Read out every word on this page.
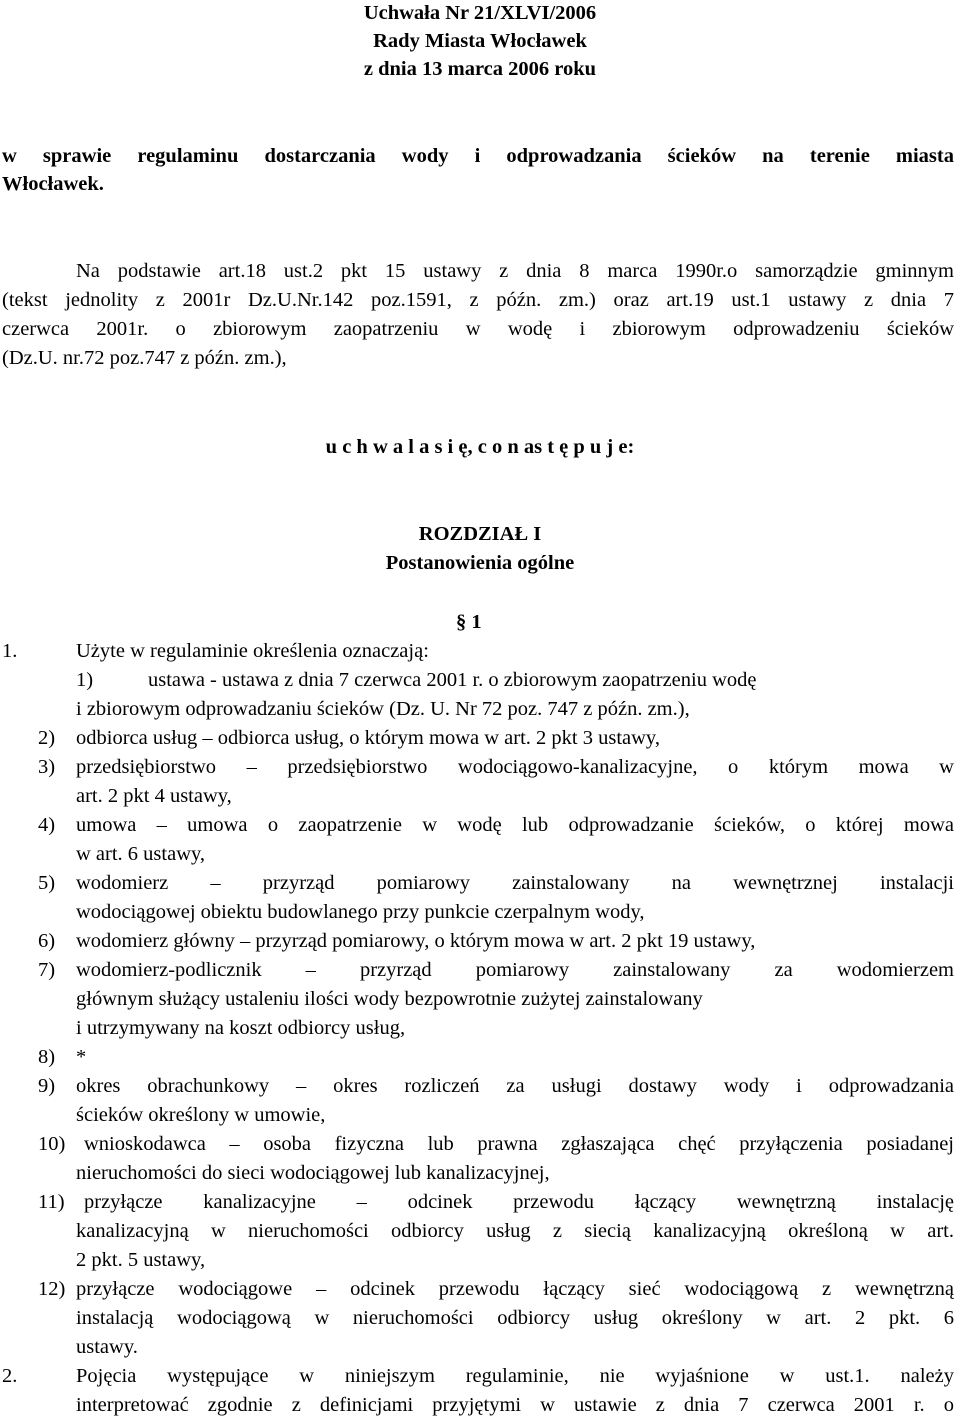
Uchwała Nr 21/XLVI/2006
Rady Miasta Włocławek
z dnia 13 marca 2006 roku
w sprawie regulaminu dostarczania wody i odprowadzania ścieków na terenie miasta
Włocławek.
Na podstawie art.18 ust.2 pkt 15 ustawy z dnia 8 marca 1990r.o samorządzie gminnym
(tekst jednolity z 2001r Dz.U.Nr.142 poz.1591, z późn. zm.) oraz art.19 ust.1 ustawy z dnia 7
czerwca 2001r. o zbiorowym zaopatrzeniu w wodę i zbiorowym odprowadzeniu ścieków
(Dz.U. nr.72 poz.747 z późn. zm.),
u c h w a l a s i ę, c o n as t ę p u j e:
ROZDZIAŁ I
Postanowienia ogólne
§ 1
1.	Użyte w regulaminie określenia oznaczają:
1)	ustawa - ustawa z dnia 7 czerwca 2001 r. o zbiorowym zaopatrzeniu wodę
i zbiorowym odprowadzaniu ścieków (Dz. U. Nr 72 poz. 747 z późn. zm.),
2) odbiorca usług – odbiorca usług, o którym mowa w art. 2 pkt 3 ustawy,
3) przedsiębiorstwo – przedsiębiorstwo wodociągowo-kanalizacyjne, o którym mowa w
art. 2 pkt 4 ustawy,
4) umowa – umowa o zaopatrzenie w wodę lub odprowadzanie ścieków, o której mowa
w art. 6 ustawy,
5) wodomierz – przyrząd pomiarowy zainstalowany na wewnętrznej instalacji
wodociągowej obiektu budowlanego przy punkcie czerpalnym wody,
6) wodomierz główny – przyrząd pomiarowy, o którym mowa w art. 2 pkt 19 ustawy,
7) wodomierz-podlicznik – przyrząd pomiarowy zainstalowany za wodomierzem
głównym służący ustaleniu ilości wody bezpowrotnie zużytej zainstalowany
i utrzymywany na koszt odbiorcy usług,
8) *
9) okres obrachunkowy – okres rozliczeń za usługi dostawy wody i odprowadzania
ścieków określony w umowie,
10) wnioskodawca – osoba fizyczna lub prawna zgłaszająca chęć przyłączenia posiadanej
nieruchomości do sieci wodociągowej lub kanalizacyjnej,
11) przyłącze kanalizacyjne – odcinek przewodu łączący wewnętrzną instalację
kanalizacyjną w nieruchomości odbiorcy usług z siecią kanalizacyjną określoną w art.
2 pkt. 5 ustawy,
12) przyłącze wodociągowe – odcinek przewodu łączący sieć wodociągową z wewnętrzną
instalacją wodociągową w nieruchomości odbiorcy usług określony w art. 2 pkt. 6
ustawy.
2.	Pojęcia występujące w niniejszym regulaminie, nie wyjaśnione w ust.1. należy
interpretować zgodnie z definicjami przyjętymi w ustawie z dnia 7 czerwca 2001 r. o
